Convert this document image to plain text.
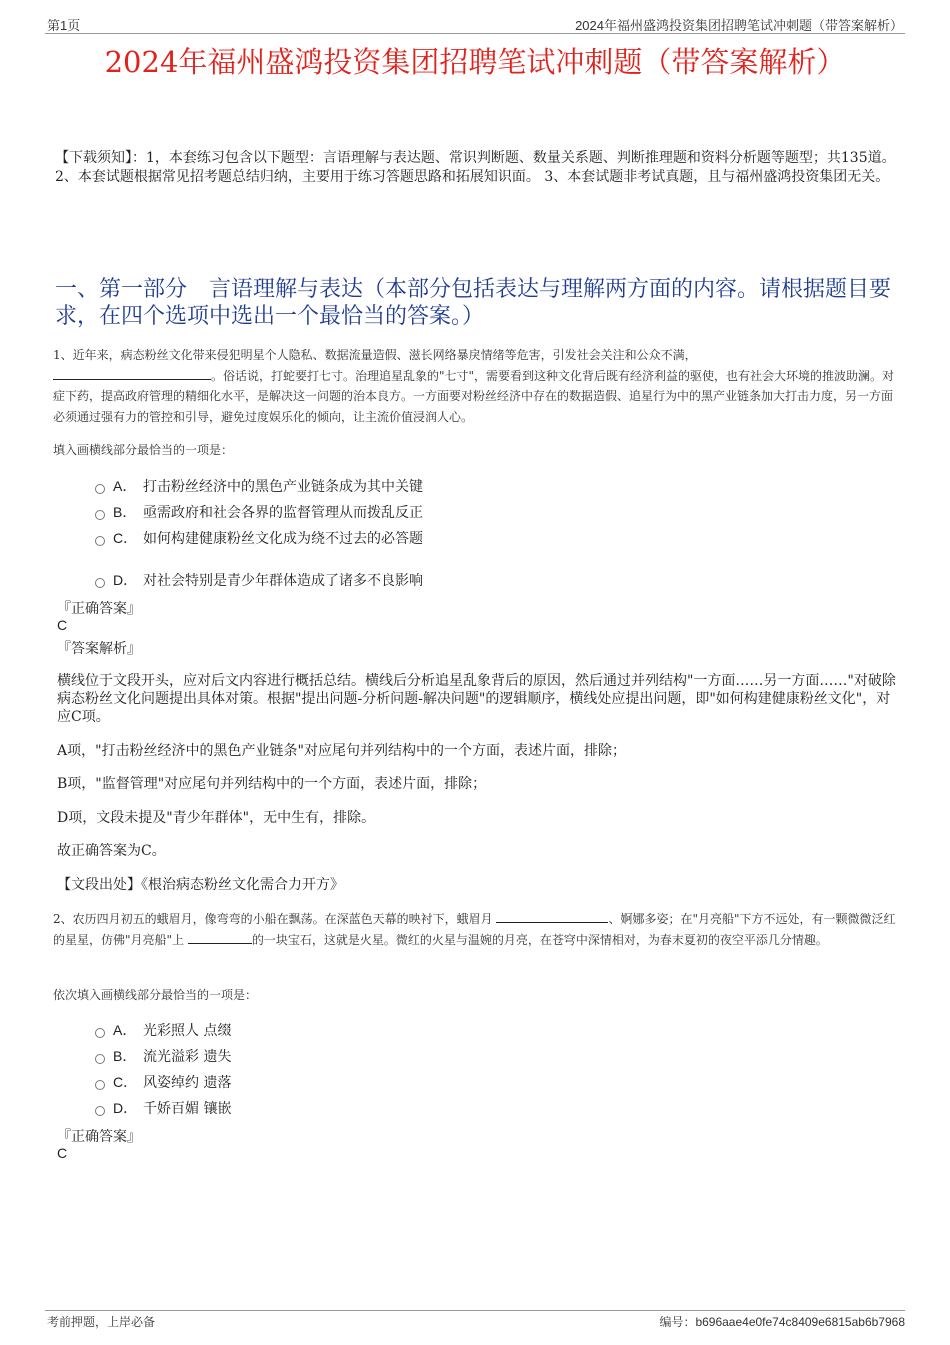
第1页	2024年福州盛鸿投资集团招聘笔试冲刺题（带答案解析）
2024年福州盛鸿投资集团招聘笔试冲刺题（带答案解析）
【下载须知】：1，本套练习包含以下题型：言语理解与表达题、常识判断题、数量关系题、判断推理题和资料分析题等题型；共135道。 2、本套试题根据常见招考题总结归纳，主要用于练习答题思路和拓展知识面。 3、本套试题非考试真题，且与福州盛鸿投资集团无关。
一、第一部分　言语理解与表达（本部分包括表达与理解两方面的内容。请根据题目要求，在四个选项中选出一个最恰当的答案。）
1、近年来，病态粉丝文化带来侵犯明星个人隐私、数据流量造假、滋长网络暴戾情绪等危害，引发社会关注和公众不满，
。俗话说，打蛇要打七寸。治理追星乱象的"七寸"，需要看到这种文化背后既有经济利益的驱使，也有社会大环境的推波助澜。对症下药，提高政府管理的精细化水平，是解决这一问题的治本良方。一方面要对粉丝经济中存在的数据造假、追星行为中的黑产业链条加大打击力度，另一方面必须通过强有力的管控和引导，避免过度娱乐化的倾向，让主流价值浸润人心。
填入画横线部分最恰当的一项是：
A． 打击粉丝经济中的黑色产业链条成为其中关键
B． 亟需政府和社会各界的监督管理从而拨乱反正
C． 如何构建健康粉丝文化成为绕不过去的必答题
D． 对社会特别是青少年群体造成了诸多不良影响
『正确答案』
C
『答案解析』
横线位于文段开头，应对后文内容进行概括总结。横线后分析追星乱象背后的原因，然后通过并列结构"一方面……另一方面……"对破除病态粉丝文化问题提出具体对策。根据"提出问题-分析问题-解决问题"的逻辑顺序，横线处应提出问题，即"如何构建健康粉丝文化"，对应C项。
A项，"打击粉丝经济中的黑色产业链条"对应尾句并列结构中的一个方面，表述片面，排除；
B项，"监督管理"对应尾句并列结构中的一个方面，表述片面，排除；
D项，文段未提及"青少年群体"，无中生有，排除。
故正确答案为C。
【文段出处】《根治病态粉丝文化需合力开方》
2、农历四月初五的蛾眉月，像弯弯的小船在飘荡。在深蓝色天幕的映衬下，蛾眉月	、婀娜多姿；在"月亮船"下方不远处，有一颗微微泛红的星星，仿佛"月亮船"上	的一块宝石，这就是火星。微红的火星与温婉的月亮，在苍穹中深情相对，为春末夏初的夜空平添几分情趣。
依次填入画横线部分最恰当的一项是：
A． 光彩照人 点缀
B． 流光溢彩 遗失
C． 风姿绰约 遗落
D． 千娇百媚 镶嵌
『正确答案』
C
考前押题，上岸必备	编号：b696aae4e0fe74c8409e6815ab6b7968
